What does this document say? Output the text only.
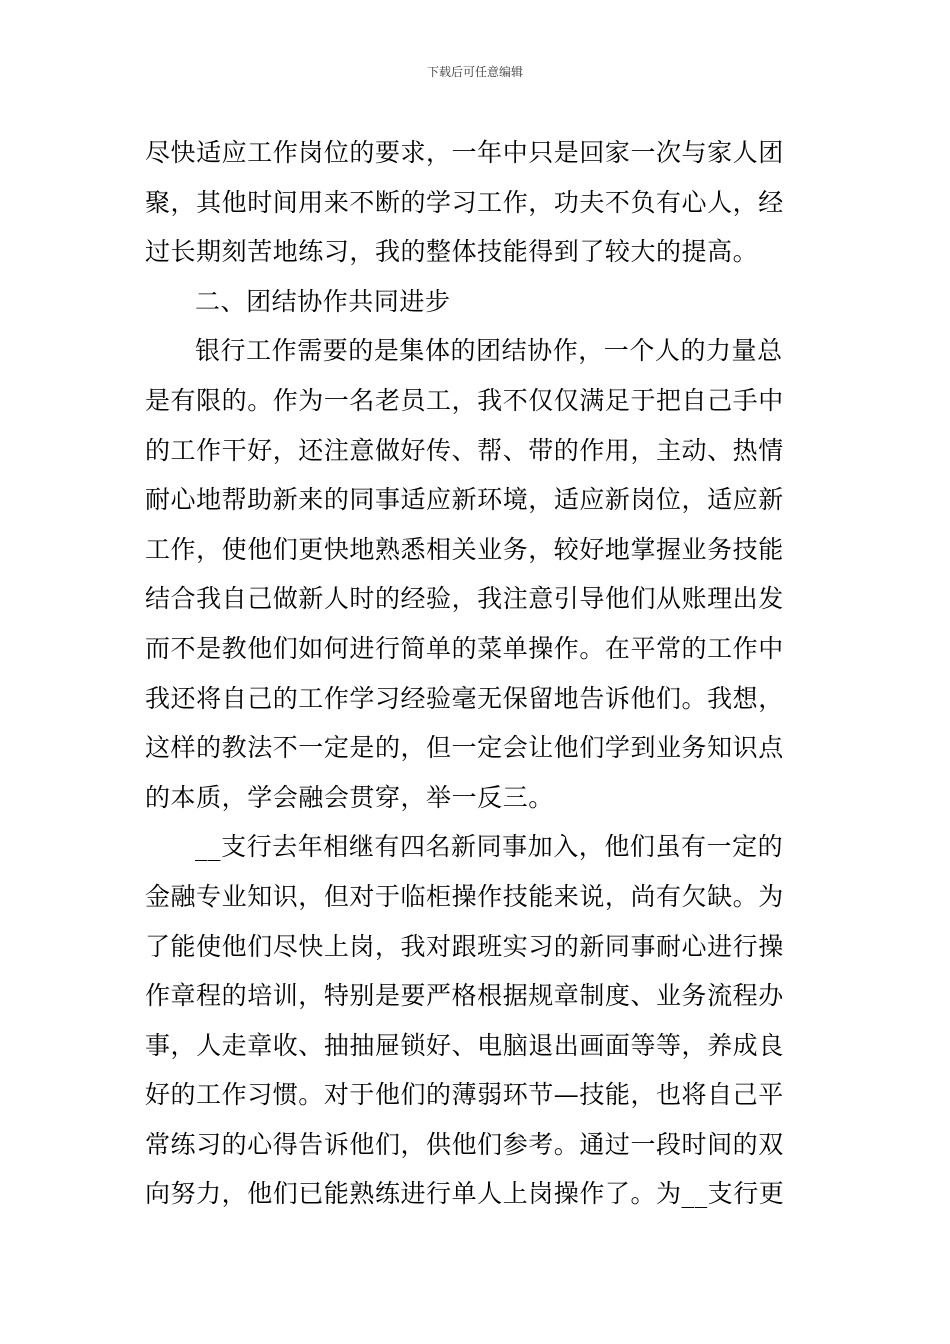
下载后可任意编辑
尽快适应工作岗位的要求，一年中只是回家一次与家人团
聚，其他时间用来不断的学习工作，功夫不负有心人，经
过长期刻苦地练习，我的整体技能得到了较大的提高。
二、团结协作共同进步
银行工作需要的是集体的团结协作，一个人的力量总
是有限的。作为一名老员工，我不仅仅满足于把自己手中
的工作干好，还注意做好传、帮、带的作用，主动、热情
耐心地帮助新来的同事适应新环境，适应新岗位，适应新
工作，使他们更快地熟悉相关业务，较好地掌握业务技能
结合我自己做新人时的经验，我注意引导他们从账理出发
而不是教他们如何进行简单的菜单操作。在平常的工作中
我还将自己的工作学习经验毫无保留地告诉他们。我想，
这样的教法不一定是的，但一定会让他们学到业务知识点
的本质，学会融会贯穿，举一反三。
__支行去年相继有四名新同事加入，他们虽有一定的
金融专业知识，但对于临柜操作技能来说，尚有欠缺。为
了能使他们尽快上岗，我对跟班实习的新同事耐心进行操
作章程的培训，特别是要严格根据规章制度、业务流程办
事，人走章收、抽抽屉锁好、电脑退出画面等等，养成良
好的工作习惯。对于他们的薄弱环节—技能，也将自己平
常练习的心得告诉他们，供他们参考。通过一段时间的双
向努力，他们已能熟练进行单人上岗操作了。为__支行更
